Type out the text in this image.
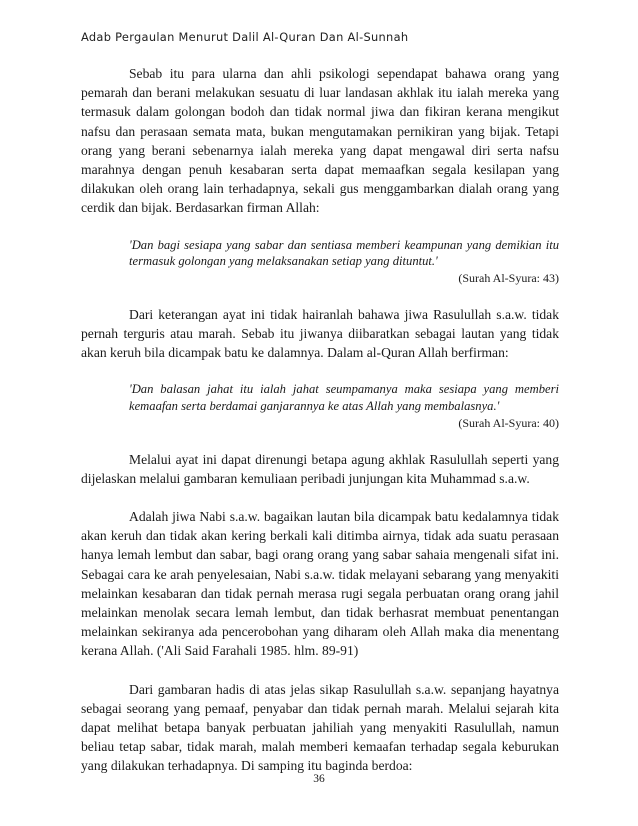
Adab Pergaulan Menurut Dalil Al-Quran Dan Al-Sunnah

Sebab itu para ularna dan ahli psikologi sependapat bahawa orang yang pemarah dan berani melakukan sesuatu di luar landasan akhlak itu ialah mereka yang termasuk dalam golongan bodoh dan tidak normal jiwa dan fikiran kerana mengikut nafsu dan perasaan semata mata, bukan mengutamakan pernikiran yang bijak. Tetapi orang yang berani sebenarnya ialah mereka yang dapat mengawal diri serta nafsu marahnya dengan penuh kesabaran serta dapat memaafkan segala kesilapan yang dilakukan oleh orang lain terhadapnya, sekali gus menggambarkan dialah orang yang cerdik dan bijak. Berdasarkan firman Allah:

'Dan bagi sesiapa yang sabar dan sentiasa memberi keampunan yang demikian itu termasuk golongan yang melaksanakan setiap yang dituntut.'
(Surah Al-Syura: 43)

Dari keterangan ayat ini tidak hairanlah bahawa jiwa Rasulullah s.a.w. tidak pernah terguris atau marah. Sebab itu jiwanya diibaratkan sebagai lautan yang tidak akan keruh bila dicampak batu ke dalamnya. Dalam al-Quran Allah berfirman:

'Dan balasan jahat itu ialah jahat seumpamanya maka sesiapa yang memberi kemaafan serta berdamai ganjarannya ke atas Allah yang membalasnya.'
(Surah Al-Syura: 40)

Melalui ayat ini dapat direnungi betapa agung akhlak Rasulullah seperti yang dijelaskan melalui gambaran kemuliaan peribadi junjungan kita Muhammad s.a.w.

Adalah jiwa Nabi s.a.w. bagaikan lautan bila dicampak batu kedalamnya tidak akan keruh dan tidak akan kering berkali kali ditimba airnya, tidak ada suatu perasaan hanya lemah lembut dan sabar, bagi orang orang yang sabar sahaia mengenali sifat ini. Sebagai cara ke arah penyelesaian, Nabi s.a.w. tidak melayani sebarang yang menyakiti melainkan kesabaran dan tidak pernah merasa rugi segala perbuatan orang orang jahil melainkan menolak secara lemah lembut, dan tidak berhasrat membuat penentangan melainkan sekiranya ada pencerobohan yang diharam oleh Allah maka dia menentang kerana Allah. ('Ali Said Farahali 1985. hlm. 89-91)

Dari gambaran hadis di atas jelas sikap Rasulullah s.a.w. sepanjang hayatnya sebagai seorang yang pemaaf, penyabar dan tidak pernah marah. Melalui sejarah kita dapat melihat betapa banyak perbuatan jahiliah yang menyakiti Rasulullah, namun beliau tetap sabar, tidak marah, malah memberi kemaafan terhadap segala keburukan yang dilakukan terhadapnya. Di samping itu baginda berdoa:

36
